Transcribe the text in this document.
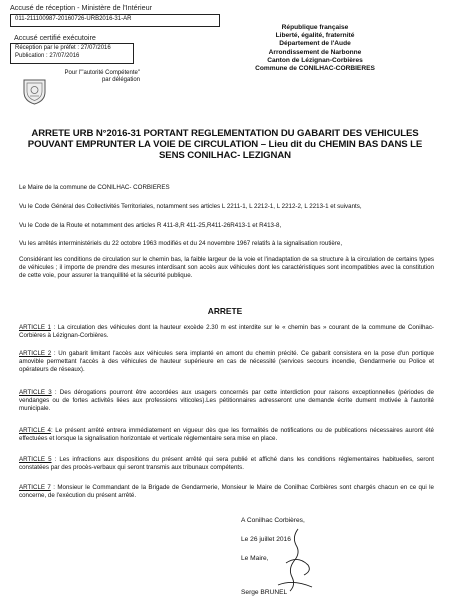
Accusé de réception - Ministère de l'Intérieur
011-211100987-20160726-URB2016-31-AR
Accusé certifié exécutoire
Réception par le préfet : 27/07/2016
Publication : 27/07/2016
Pour l'"autorité Compétente"
par délégation
République française
Liberté, égalité, fraternité
Département de l'Aude
Arrondissement de Narbonne
Canton de Lézignan-Corbières
Commune de CONILHAC-CORBIERES
ARRETE URB N°2016-31 PORTANT REGLEMENTATION DU GABARIT DES VEHICULES
POUVANT EMPRUNTER LA VOIE DE CIRCULATION – Lieu dit du CHEMIN BAS DANS LE
SENS CONILHAC- LEZIGNAN
Le Maire de la commune de CONILHAC- CORBIERES
Vu le Code Général des Collectivités Territoriales, notamment ses articles L 2211-1, L 2212-1, L 2212-2, L 2213-1 et suivants,
Vu le Code de la Route et notamment des articles R 411-8,R 411-25,R411-26R413-1 et R413-8,
Vu les arrêtés interministériels du 22 octobre 1963 modifiés et du 24 novembre 1967 relatifs à la signalisation routière,
Considérant les conditions de circulation sur le chemin bas, la faible largeur de la voie et l'inadaptation de sa structure à la circulation de certains types de véhicules ; il importe de prendre des mesures interdisant son accès aux véhicules dont les caractéristiques sont incompatibles avec la constitution de cette voie, pour assurer la tranquillité et la sécurité publique.
ARRETE
ARTICLE 1 : La circulation des véhicules dont la hauteur excède 2.30 m est interdite sur le « chemin bas » courant de la commune de Conilhac-Corbières à Lézignan-Corbières.
ARTICLE 2 : Un gabarit limitant l'accès aux véhicules sera implanté en amont du chemin précité. Ce gabarit consistera en la pose d'un portique amovible permettant l'accès à des véhicules de hauteur supérieure en cas de nécessité (services secours incendie, Gendarmerie ou Police et opérateurs de réseaux).
ARTICLE 3 : Des dérogations pourront être accordées aux usagers concernés par cette interdiction pour raisons exceptionnelles (périodes de vendanges ou de fortes activités liées aux professions viticoles).Les pétitionnaires adresseront une demande écrite dument motivée à l'autorité municipale.
ARTICLE 4: Le présent arrêté entrera immédiatement en vigueur dès que les formalités de notifications ou de publications nécessaires auront été effectuées et lorsque la signalisation horizontale et verticale réglementaire sera mise en place.
ARTICLE 5 : Les infractions aux dispositions du présent arrêté qui sera publié et affiché dans les conditions réglementaires habituelles, seront constatées par des procès-verbaux qui seront transmis aux tribunaux compétents.
ARTICLE 7 : Monsieur le Commandant de la Brigade de Gendarmerie, Monsieur le Maire de Conilhac Corbières sont chargés chacun en ce qui le concerne, de l'exécution du présent arrêté.
A Conilhac Corbières,
Le 26 juillet 2016
Le Maire,
Serge BRUNEL
